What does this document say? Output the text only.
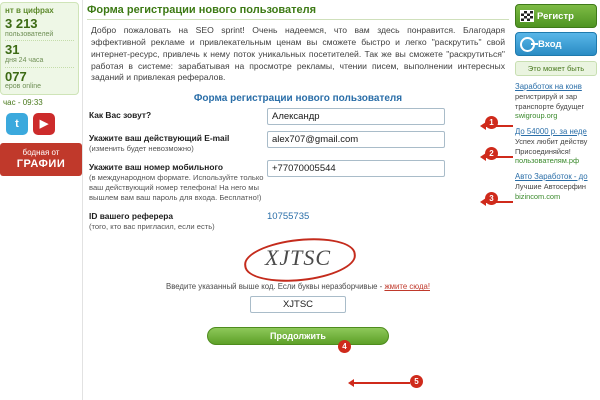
нт в цифрах
3 213
пользователей
31
дня 24 часа
077
еров online
час - 09:33
t	▶
бодная от
ГРАФИИ
Форма регистрации нового пользователя
Добро пожаловать на SEO sprint! Очень надеемся, что вам здесь понравится. Благодаря эффективной рекламе и привлекательным ценам вы сможете быстро и легко "раскрутить" свой интернет-ресурс, привлечь к нему поток уникальных посетителей. Так же вы сможете "раскрутиться" работая в системе: зарабатывая на просмотре рекламы, чтении писем, выполнении интересных заданий и привлекая рефералов.
Форма регистрации нового пользователя
Как Вас зовут?
Александр
Укажите ваш действующий E-mail
(изменить будет невозможно)
alex707@gmail.com
Укажите ваш номер мобильного
(в международном формате. Используйте только ваш действующий номер телефона! На него мы вышлем вам ваш пароль для входа. Бесплатно!)
+77070005544
ID вашего реферера
(того, кто вас пригласил, если есть)
10755735
XJTSC
Введите указанный выше код. Если буквы неразборчивые - жмите сюда!
XJTSC
Продолжить
Регистр
Вход
Это может быть
Заработок на конв
регистрируй и зар транспорте будущег
swigroup.org
До 54000 р. за неде
Успех любит действу Присоединяйся!
пользователям.рф
Авто Заработок - до
Лучшие Автосерфин
bizincom.com
1
2
3
4
5
